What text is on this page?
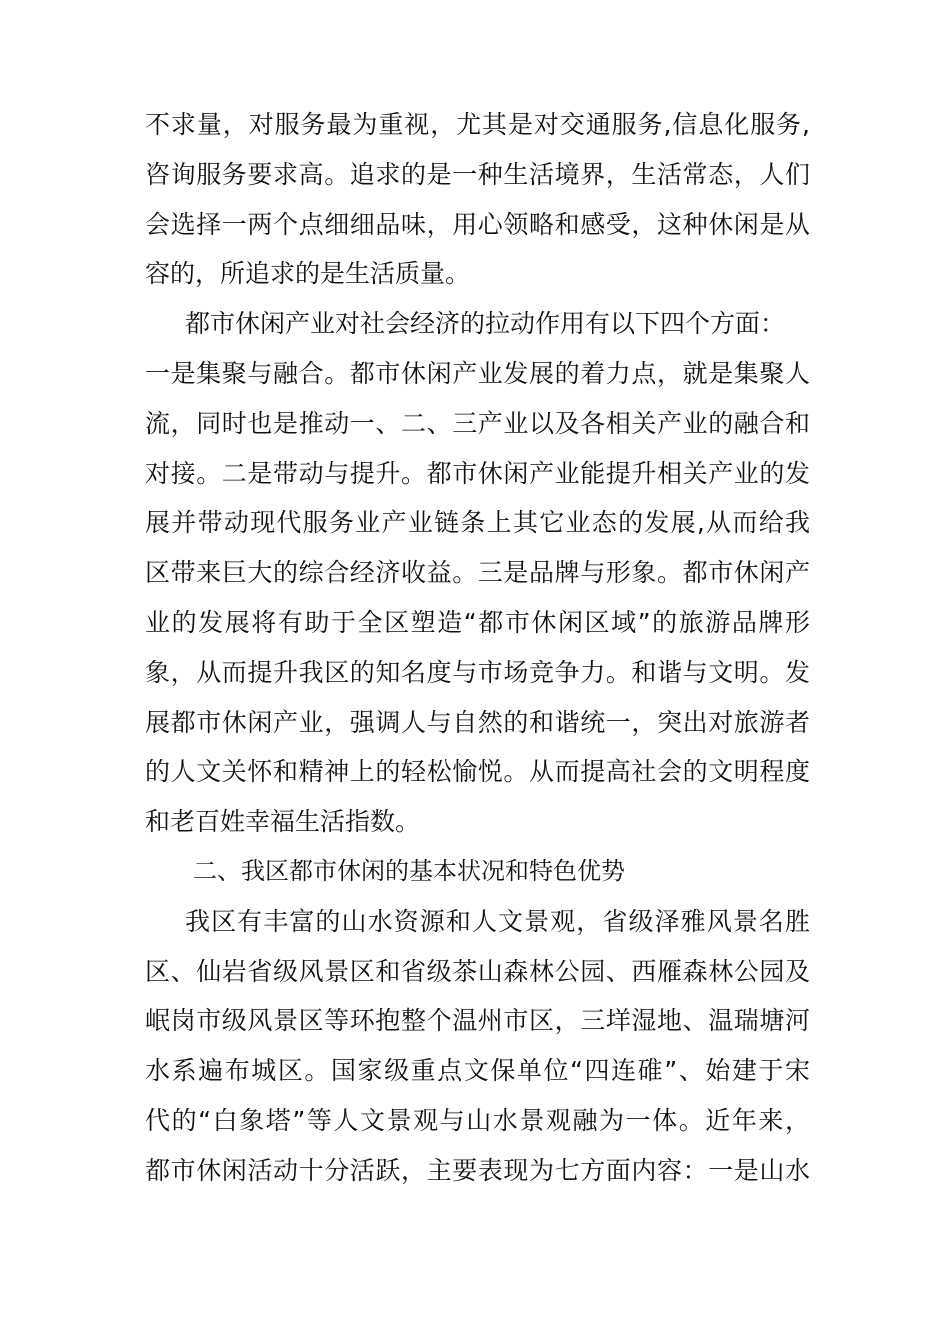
不求量，对服务最为重视，尤其是对交通服务,信息化服务,
咨询服务要求高。追求的是一种生活境界，生活常态，人们
会选择一两个点细细品味，用心领略和感受，这种休闲是从
容的，所追求的是生活质量。
都市休闲产业对社会经济的拉动作用有以下四个方面：
一是集聚与融合。都市休闲产业发展的着力点，就是集聚人
流，同时也是推动一、二、三产业以及各相关产业的融合和
对接。二是带动与提升。都市休闲产业能提升相关产业的发
展并带动现代服务业产业链条上其它业态的发展,从而给我
区带来巨大的综合经济收益。三是品牌与形象。都市休闲产
业的发展将有助于全区塑造“都市休闲区域”的旅游品牌形
象，从而提升我区的知名度与市场竞争力。和谐与文明。发
展都市休闲产业，强调人与自然的和谐统一，突出对旅游者
的人文关怀和精神上的轻松愉悦。从而提高社会的文明程度
和老百姓幸福生活指数。
二、我区都市休闲的基本状况和特色优势
我区有丰富的山水资源和人文景观，省级泽雅风景名胜
区、仙岩省级风景区和省级茶山森林公园、西雁森林公园及
岷岗市级风景区等环抱整个温州市区，三垟湿地、温瑞塘河
水系遍布城区。国家级重点文保单位“四连碓”、始建于宋
代的“白象塔”等人文景观与山水景观融为一体。近年来，
都市休闲活动十分活跃，主要表现为七方面内容：一是山水
